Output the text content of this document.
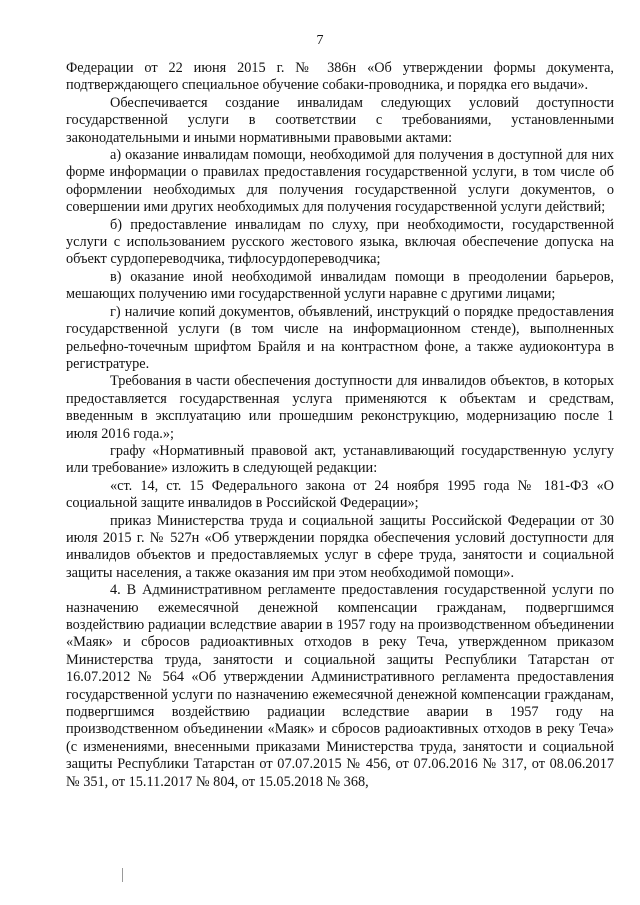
7

Федерации от 22 июня 2015 г. № 386н «Об утверждении формы документа, подтверждающего специальное обучение собаки-проводника, и порядка его выдачи».

Обеспечивается создание инвалидам следующих условий доступности государственной услуги в соответствии с требованиями, установленными законодательными и иными нормативными правовыми актами:

а) оказание инвалидам помощи, необходимой для получения в доступной для них форме информации о правилах предоставления государственной услуги, в том числе об оформлении необходимых для получения государственной услуги документов, о совершении ими других необходимых для получения государственной услуги действий;

б) предоставление инвалидам по слуху, при необходимости, государственной услуги с использованием русского жестового языка, включая обеспечение допуска на объект сурдопереводчика, тифлосурдопереводчика;

в) оказание иной необходимой инвалидам помощи в преодолении барьеров, мешающих получению ими государственной услуги наравне с другими лицами;

г) наличие копий документов, объявлений, инструкций о порядке предоставления государственной услуги (в том числе на информационном стенде), выполненных рельефно-точечным шрифтом Брайля и на контрастном фоне, а также аудиоконтура в регистратуре.

Требования в части обеспечения доступности для инвалидов объектов, в которых предоставляется государственная услуга применяются к объектам и средствам, введенным в эксплуатацию или прошедшим реконструкцию, модернизацию после 1 июля 2016 года.»;

графу «Нормативный правовой акт, устанавливающий государственную услугу или требование» изложить в следующей редакции:

«ст. 14, ст. 15 Федерального закона от 24 ноября 1995 года № 181-ФЗ «О социальной защите инвалидов в Российской Федерации»;

приказ Министерства труда и социальной защиты Российской Федерации от 30 июля 2015 г. № 527н «Об утверждении порядка обеспечения условий доступности для инвалидов объектов и предоставляемых услуг в сфере труда, занятости и социальной защиты населения, а также оказания им при этом необходимой помощи».

4. В Административном регламенте предоставления государственной услуги по назначению ежемесячной денежной компенсации гражданам, подвергшимся воздействию радиации вследствие аварии в 1957 году на производственном объединении «Маяк» и сбросов радиоактивных отходов в реку Теча, утвержденном приказом Министерства труда, занятости и социальной защиты Республики Татарстан от 16.07.2012 № 564 «Об утверждении Административного регламента предоставления государственной услуги по назначению ежемесячной денежной компенсации гражданам, подвергшимся воздействию радиации вследствие аварии в 1957 году на производственном объединении «Маяк» и сбросов радиоактивных отходов в реку Теча» (с изменениями, внесенными приказами Министерства труда, занятости и социальной защиты Республики Татарстан от 07.07.2015 № 456, от 07.06.2016 № 317, от 08.06.2017 № 351, от 15.11.2017 № 804, от 15.05.2018 № 368,
